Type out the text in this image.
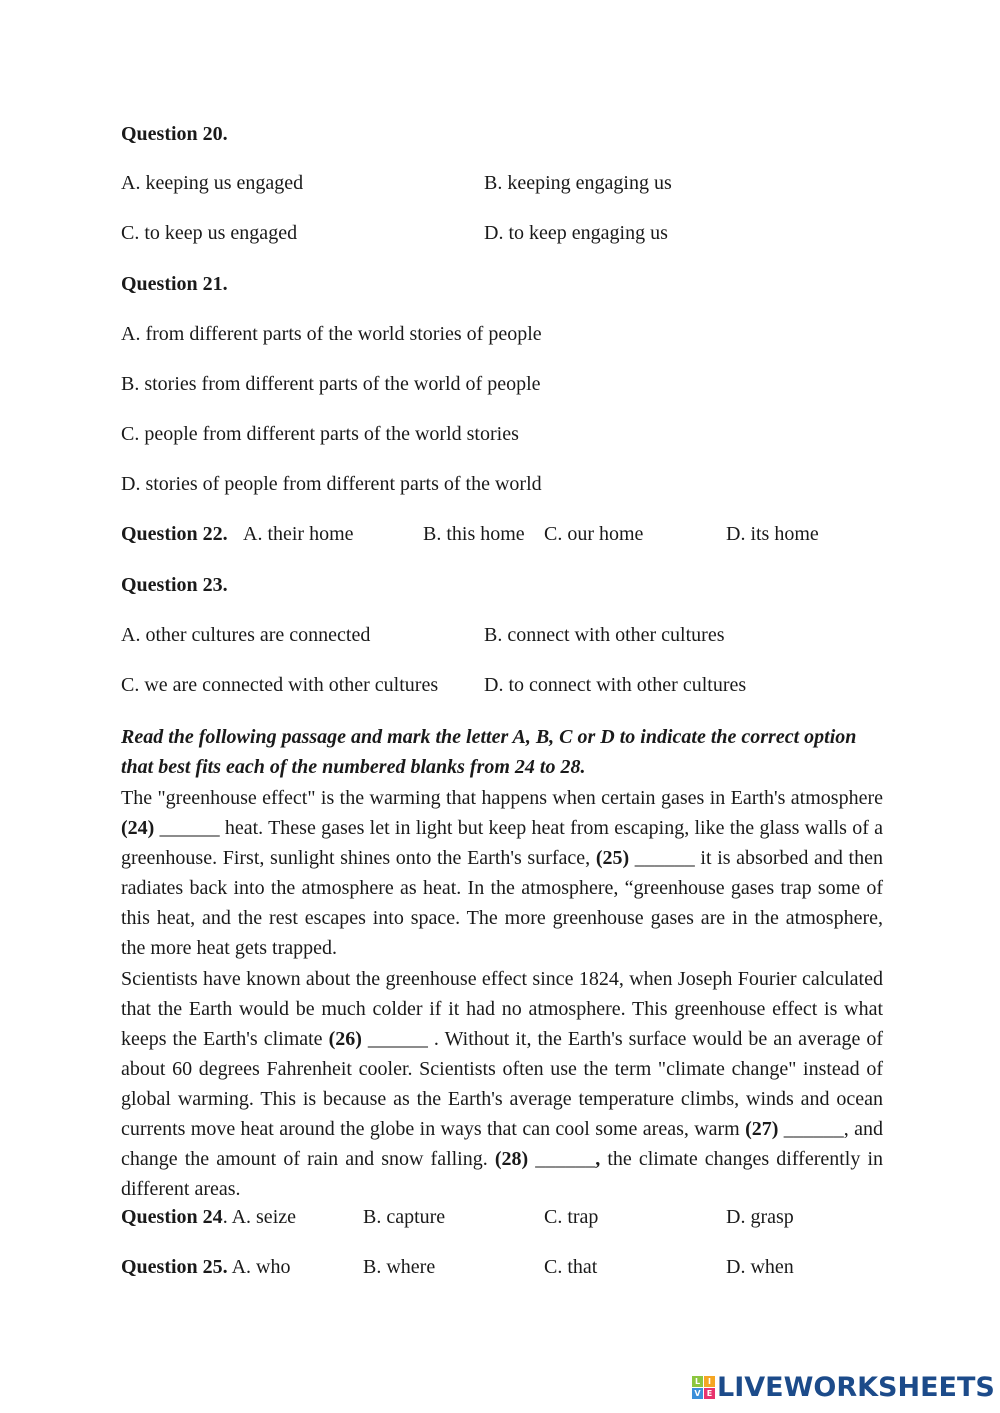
Question 20.
A. keeping us engaged	B. keeping engaging us
C. to keep us engaged	D. to keep engaging us
Question 21.
A. from different parts of the world stories of people
B. stories from different parts of the world of people
C. people from different parts of the world stories
D. stories of people from different parts of the world
Question 22. A. their home	B. this home C. our home	D. its home
Question 23.
A. other cultures are connected	B. connect with other cultures
C. we are connected with other cultures D. to connect with other cultures
Read the following passage and mark the letter A, B, C or D to indicate the correct option that best fits each of the numbered blanks from 24 to 28.

The "greenhouse effect" is the warming that happens when certain gases in Earth's atmosphere (24) ______ heat. These gases let in light but keep heat from escaping, like the glass walls of a greenhouse. First, sunlight shines onto the Earth's surface, (25) ______ it is absorbed and then radiates back into the atmosphere as heat. In the atmosphere, “greenhouse gases trap some of this heat, and the rest escapes into space. The more greenhouse gases are in the atmosphere, the more heat gets trapped.

Scientists have known about the greenhouse effect since 1824, when Joseph Fourier calculated that the Earth would be much colder if it had no atmosphere. This greenhouse effect is what keeps the Earth's climate (26) ______ . Without it, the Earth's surface would be an average of about 60 degrees Fahrenheit cooler. Scientists often use the term "climate change" instead of global warming. This is because as the Earth's average temperature climbs, winds and ocean currents move heat around the globe in ways that can cool some areas, warm (27) ______, and change the amount of rain and snow falling. (28) ______, the climate changes differently in different areas.

Question 24. A. seize	B. capture	C. trap	D. grasp
Question 25. A. who	B. where	C. that	D. when
L I
V E LIVEWORKSHEETS
